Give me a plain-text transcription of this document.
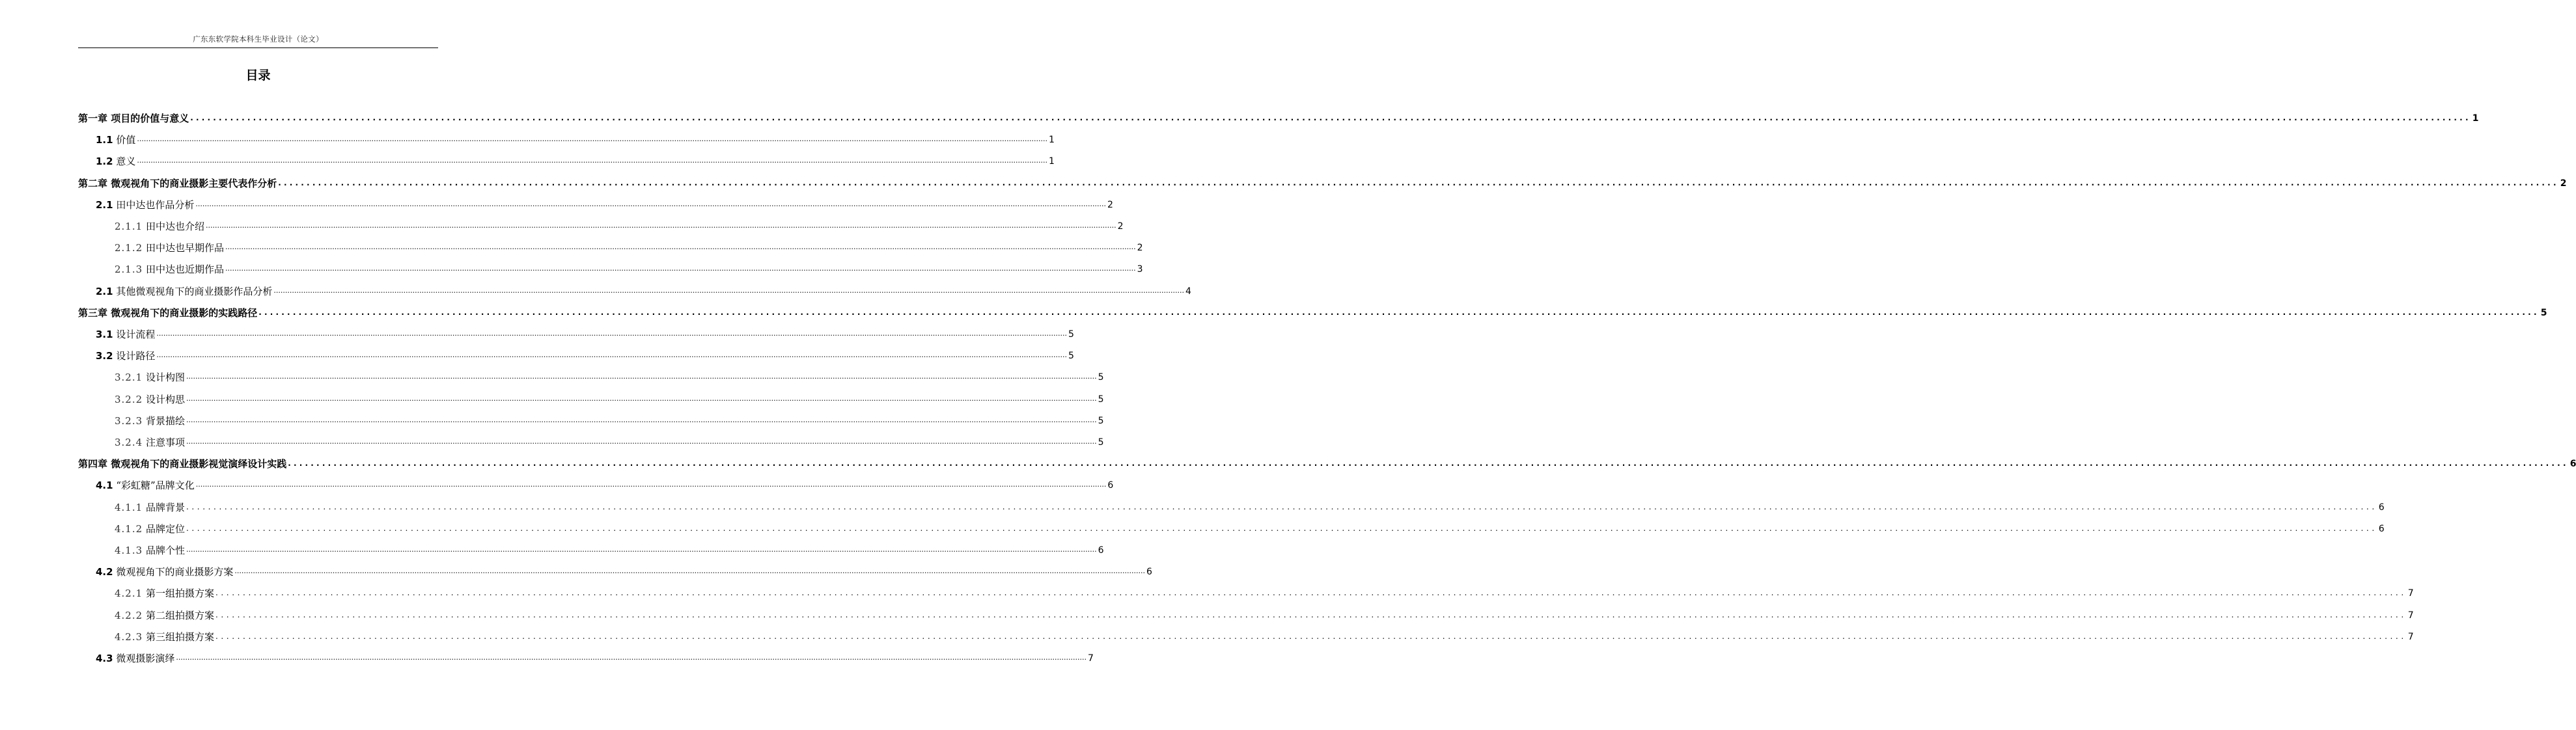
广东东软学院本科生毕业设计（论文）
目录
第一章 项目的价值与意义 ................................................................................................................................................................................................................................................................................................................................................................................................................ 1
1.1 价值 ................................................................................................................................................................................................................................................................................................................................................................................................................ 1
1.2 意义 ................................................................................................................................................................................................................................................................................................................................................................................................................ 1
第二章 微观视角下的商业摄影主要代表作分析 ................................................................................................................................................................................................................................................................................................................................................................................................................ 2
2.1 田中达也作品分析 ................................................................................................................................................................................................................................................................................................................................................................................................................ 2
2.1.1 田中达也介绍 ................................................................................................................................................................................................................................................................................................................................................................................................................ 2
2.1.2 田中达也早期作品 ................................................................................................................................................................................................................................................................................................................................................................................................................ 2
2.1.3 田中达也近期作品 ................................................................................................................................................................................................................................................................................................................................................................................................................ 3
2.1 其他微观视角下的商业摄影作品分析 ................................................................................................................................................................................................................................................................................................................................................................................................................ 4
第三章 微观视角下的商业摄影的实践路径 ................................................................................................................................................................................................................................................................................................................................................................................................................ 5
3.1 设计流程 ................................................................................................................................................................................................................................................................................................................................................................................................................ 5
3.2 设计路径 ................................................................................................................................................................................................................................................................................................................................................................................................................ 5
3.2.1 设计构图 ................................................................................................................................................................................................................................................................................................................................................................................................................ 5
3.2.2 设计构思 ................................................................................................................................................................................................................................................................................................................................................................................................................ 5
3.2.3 背景描绘 ................................................................................................................................................................................................................................................................................................................................................................................................................ 5
3.2.4 注意事项 ................................................................................................................................................................................................................................................................................................................................................................................................................ 5
第四章 微观视角下的商业摄影视觉演绎设计实践 ................................................................................................................................................................................................................................................................................................................................................................................................................ 6
4.1 “彩虹糖”品牌文化 ................................................................................................................................................................................................................................................................................................................................................................................................................ 6
4.1.1 品牌背景 ................................................................................................................................................................................................................................................................................................................................................................................................................ 6
4.1.2 品牌定位 ................................................................................................................................................................................................................................................................................................................................................................................................................ 6
4.1.3 品牌个性 ................................................................................................................................................................................................................................................................................................................................................................................................................ 6
4.2 微观视角下的商业摄影方案 ................................................................................................................................................................................................................................................................................................................................................................................................................ 6
4.2.1 第一组拍摄方案 ................................................................................................................................................................................................................................................................................................................................................................................................................ 7
4.2.2 第二组拍摄方案 ................................................................................................................................................................................................................................................................................................................................................................................................................ 7
4.2.3 第三组拍摄方案 ................................................................................................................................................................................................................................................................................................................................................................................................................ 7
4.3 微观摄影演绎 ................................................................................................................................................................................................................................................................................................................................................................................................................ 7
